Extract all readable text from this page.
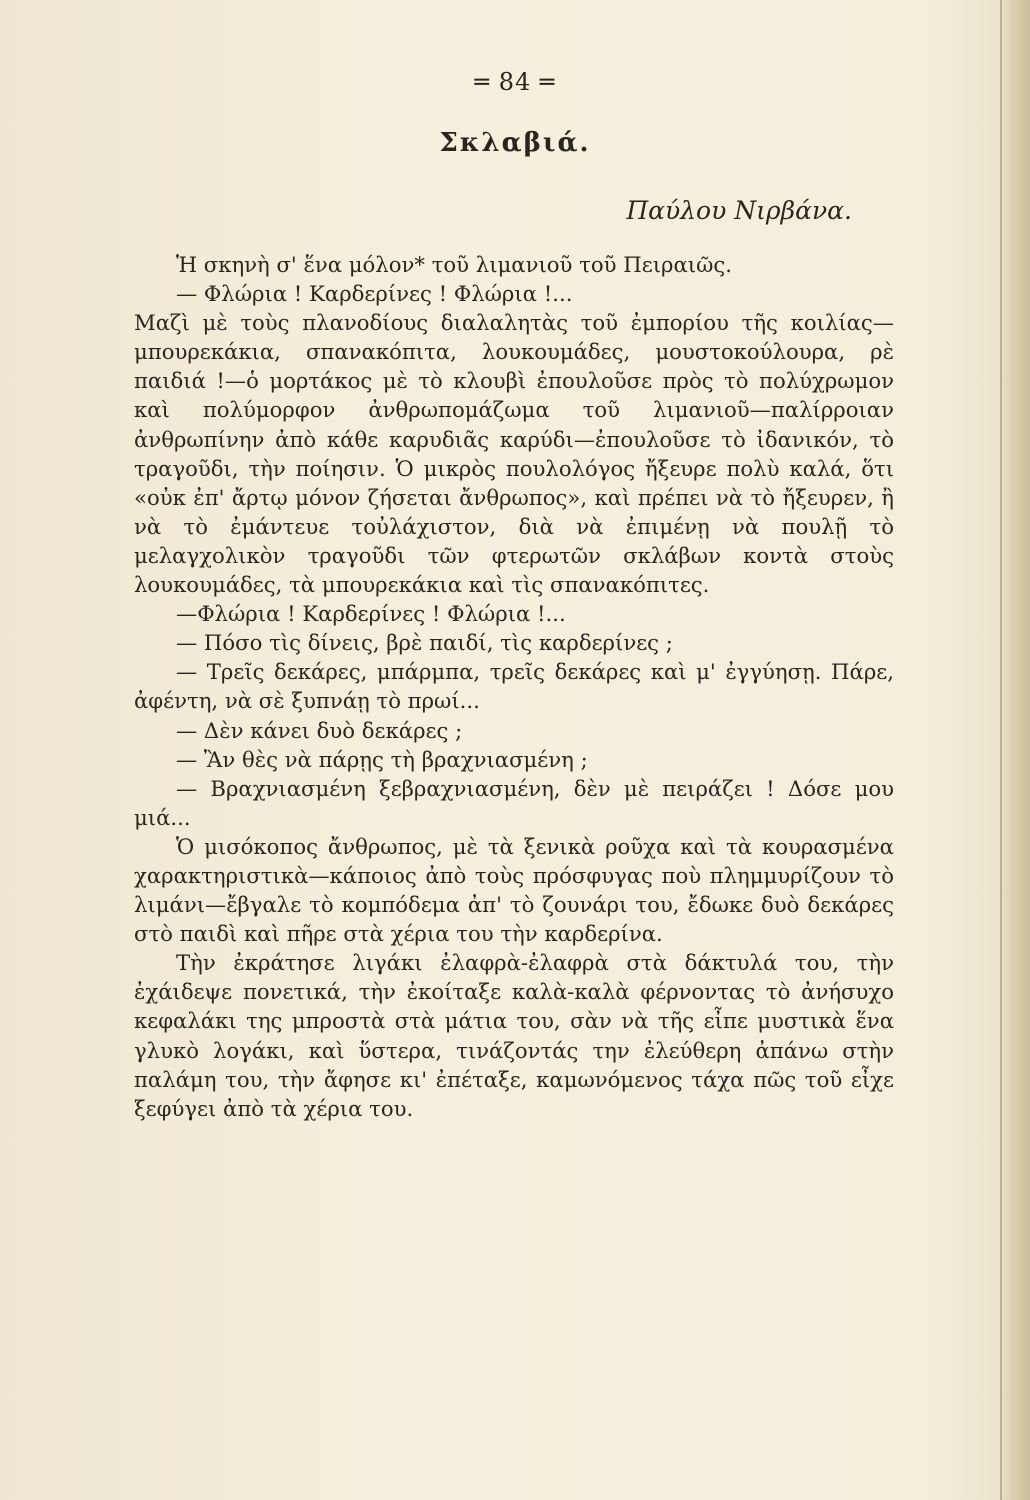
═ 84 ═
Σκλαβιά.
Παύλου Νιρβάνα.

Ἡ σκηνὴ σ' ἕνα μόλον* τοῦ λιμανιοῦ τοῦ Πειραιῶς.

— Φλώρια ! Καρδερίνες ! Φλώρια !...

Μαζὶ μὲ τοὺς πλανοδίους διαλαλητὰς τοῦ ἐμπορίου τῆς κοιλίας— μπουρεκάκια, σπανακόπιτα, λουκουμάδες, μουστοκούλουρα, ρὲ παιδιά !—ὁ μορτάκος μὲ τὸ κλουβὶ ἐπουλοῦσε πρὸς τὸ πολύχρωμον καὶ πολύμορφον ἀνθρωπομάζωμα τοῦ λιμανιοῦ—παλίρροιαν ἀνθρωπίνην ἀπὸ κάθε καρυδιᾶς καρύδι—ἐπουλοῦσε τὸ ἰδανικόν, τὸ τραγοῦδι, τὴν ποίησιν. Ὁ μικρὸς πουλολόγος ἤξευρε πολὺ καλά, ὅτι «οὐκ ἐπ' ἄρτῳ μόνον ζήσεται ἄνθρωπος», καὶ πρέπει νὰ τὸ ἤξευρεν, ἢ νὰ τὸ ἐμάντευε τοὐλάχιστον, διὰ νὰ ἐπιμένῃ νὰ πουλῇ τὸ μελαγχολικὸν τραγοῦδι τῶν φτερωτῶν σκλάβων κοντὰ στοὺς λουκουμάδες, τὰ μπουρεκάκια καὶ τὶς σπανακόπιτες.

—Φλώρια ! Καρδερίνες ! Φλώρια !...

— Πόσο τὶς δίνεις, βρὲ παιδί, τὶς καρδερίνες ;

— Τρεῖς δεκάρες, μπάρμπα, τρεῖς δεκάρες καὶ μ' ἐγγύησῃ. Πάρε, ἀφέντη, νὰ σὲ ξυπνάῃ τὸ πρωί...

— Δὲν κάνει δυὸ δεκάρες ;

— Ἂν θὲς νὰ πάρῃς τὴ βραχνιασμένη ;

— Βραχνιασμένη ξεβραχνιασμένη, δὲν μὲ πειράζει ! Δόσε μου μιά...

Ὁ μισόκοπος ἄνθρωπος, μὲ τὰ ξενικὰ ροῦχα καὶ τὰ κουρασμένα χαρακτηριστικὰ—κάποιος ἀπὸ τοὺς πρόσφυγας ποὺ πλημμυρίζουν τὸ λιμάνι—ἔβγαλε τὸ κομπόδεμα ἀπ' τὸ ζουνάρι του, ἔδωκε δυὸ δεκάρες στὸ παιδὶ καὶ πῆρε στὰ χέρια του τὴν καρδερίνα.

Τὴν ἐκράτησε λιγάκι ἐλαφρὰ-ἐλαφρὰ στὰ δάκτυλά του, τὴν ἐχάιδεψε πονετικά, τὴν ἐκοίταξε καλὰ-καλὰ φέρνοντας τὸ ἀνήσυχο κεφαλάκι της μπροστὰ στὰ μάτια του, σὰν νὰ τῆς εἶπε μυστικὰ ἕνα γλυκὸ λογάκι, καὶ ὕστερα, τινάζοντάς την ἐλεύθερη ἀπάνω στὴν παλάμη του, τὴν ἄφησε κι' ἐπέταξε, καμωνόμενος τάχα πῶς τοῦ εἶχε ξεφύγει ἀπὸ τὰ χέρια του.
